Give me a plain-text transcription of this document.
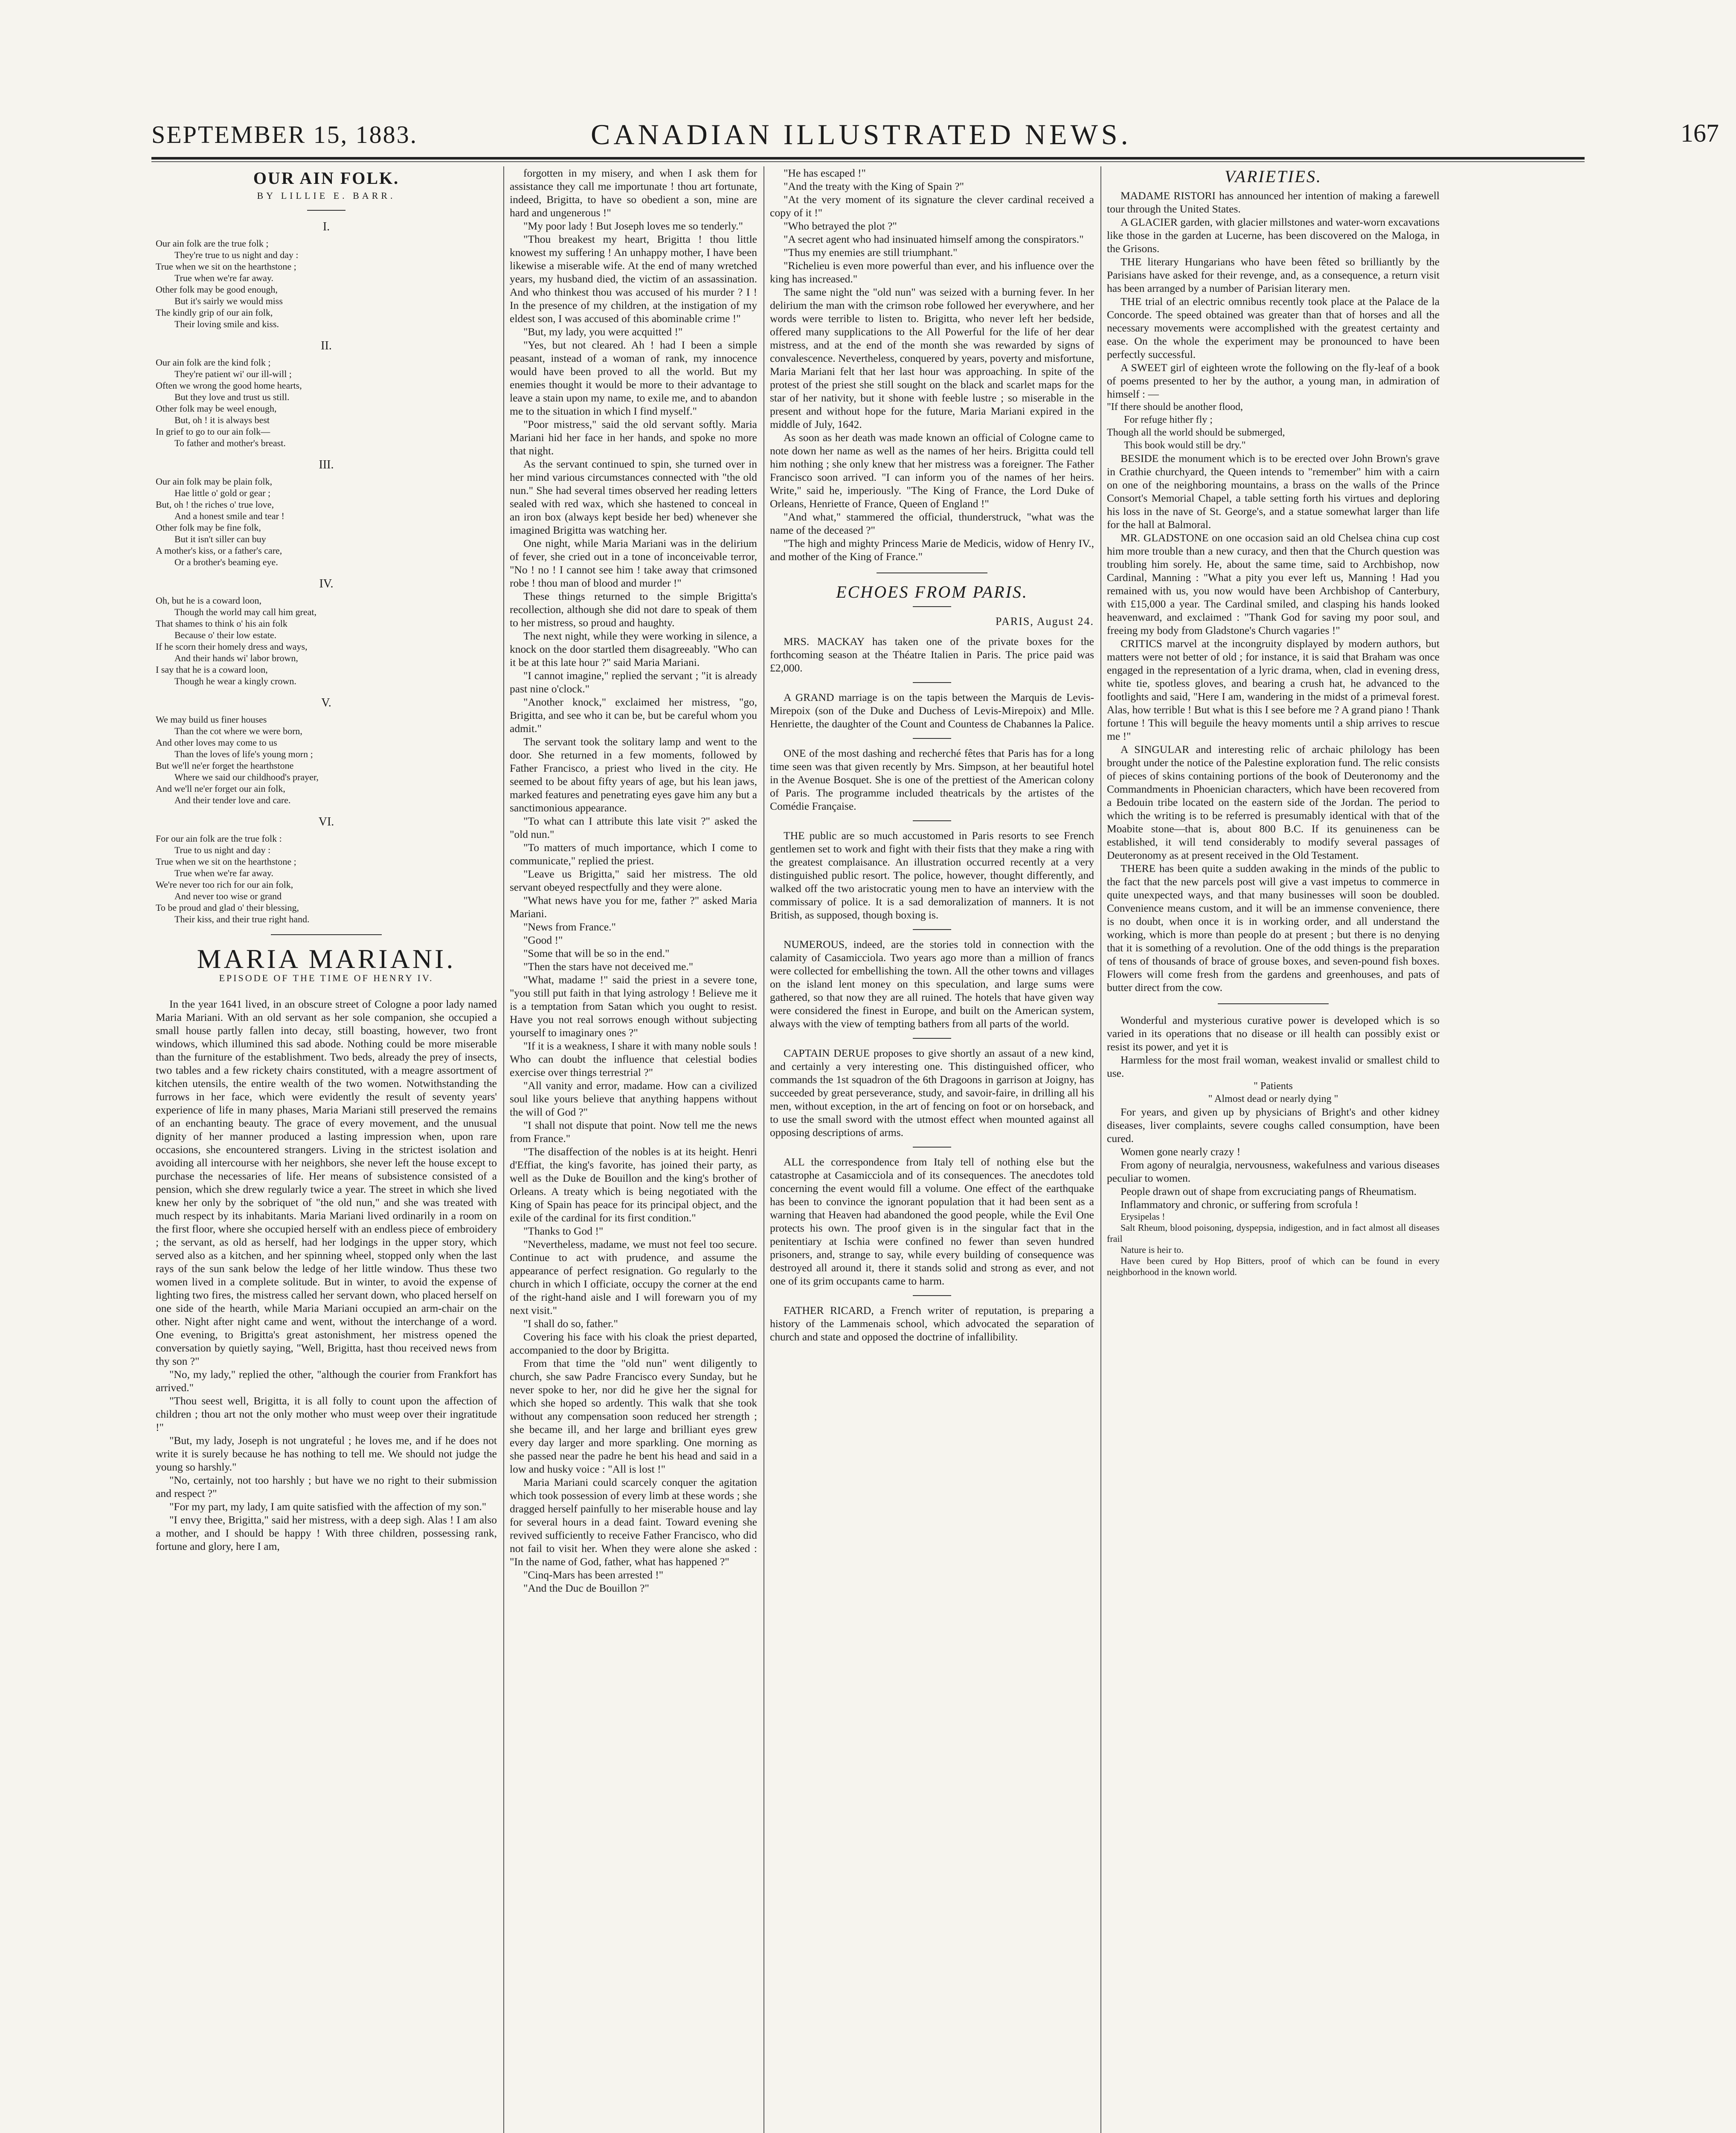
SEPTEMBER 15, 1883.	CANADIAN ILLUSTRATED NEWS.	167
OUR AIN FOLK.
BY LILLIE E. BARR.
I.
Our ain folk are the true folk ;
They're true to us night and day :
True when we sit on the hearthstone ;
True when we're far away.
Other folk may be good enough,
But it's sairly we would miss
The kindly grip of our ain folk,
Their loving smile and kiss.
II.
Our ain folk are the kind folk ;
They're patient wi' our ill-will ;
Often we wrong the good home hearts,
But they love and trust us still.
Other folk may be weel enough,
But, oh ! it is always best
In grief to go to our ain folk—
To father and mother's breast.
III.
Our ain folk may be plain folk,
Hae little o' gold or gear ;
But, oh ! the riches o' true love,
And a honest smile and tear !
Other folk may be fine folk,
But it isn't siller can buy
A mother's kiss, or a father's care,
Or a brother's beaming eye.
IV.
Oh, but he is a coward loon,
Though the world may call him great,
That shames to think o' his ain folk
Because o' their low estate.
If he scorn their homely dress and ways,
And their hands wi' labor brown,
I say that he is a coward loon,
Though he wear a kingly crown.
V.
We may build us finer houses
Than the cot where we were born,
And other loves may come to us
Than the loves of life's young morn ;
But we'll ne'er forget the hearthstone
Where we said our childhood's prayer,
And we'll ne'er forget our ain folk,
And their tender love and care.
VI.
For our ain folk are the true folk :
True to us night and day :
True when we sit on the hearthstone ;
True when we're far away.
We're never too rich for our ain folk,
And never too wise or grand
To be proud and glad o' their blessing,
Their kiss, and their true right hand.
MARIA MARIANI.
EPISODE OF THE TIME OF HENRY IV.

In the year 1641 lived, in an obscure street of Cologne a poor lady named Maria Mariani. With an old servant as her sole companion, she occupied a small house partly fallen into decay, still boasting, however, two front windows, which illumined this sad abode. Nothing could be more miserable than the furniture of the establishment. Two beds, already the prey of insects, two tables and a few rickety chairs constituted, with a meagre assortment of kitchen utensils, the entire wealth of the two women. Notwithstanding the furrows in her face, which were evidently the result of seventy years' experience of life in many phases, Maria Mariani still preserved the remains of an enchanting beauty. The grace of every movement, and the unusual dignity of her manner produced a lasting impression when, upon rare occasions, she encountered strangers. Living in the strictest isolation and avoiding all intercourse with her neighbors, she never left the house except to purchase the necessaries of life. Her means of subsistence consisted of a pension, which she drew regularly twice a year. The street in which she lived knew her only by the sobriquet of "the old nun," and she was treated with much respect by its inhabitants. Maria Mariani lived ordinarily in a room on the first floor, where she occupied herself with an endless piece of embroidery ; the servant, as old as herself, had her lodgings in the upper story, which served also as a kitchen, and her spinning wheel, stopped only when the last rays of the sun sank below the ledge of her little window. Thus these two women lived in a complete solitude. But in winter, to avoid the expense of lighting two fires, the mistress called her servant down, who placed herself on one side of the hearth, while Maria Mariani occupied an arm-chair on the other. Night after night came and went, without the interchange of a word. One evening, to Brigitta's great astonishment, her mistress opened the conversation by quietly saying, "Well, Brigitta, hast thou received news from thy son ?"

"No, my lady," replied the other, "although the courier from Frankfort has arrived."

"Thou seest well, Brigitta, it is all folly to count upon the affection of children ; thou art not the only mother who must weep over their ingratitude !"

"But, my lady, Joseph is not ungrateful ; he loves me, and if he does not write it is surely because he has nothing to tell me. We should not judge the young so harshly."

"No, certainly, not too harshly ; but have we no right to their submission and respect ?"

"For my part, my lady, I am quite satisfied with the affection of my son."

"I envy thee, Brigitta," said her mistress, with a deep sigh. Alas ! I am also a mother, and I should be happy ! With three children, possessing rank, fortune and glory, here I am,

forgotten in my misery, and when I ask them for assistance they call me importunate ! thou art fortunate, indeed, Brigitta, to have so obedient a son, mine are hard and ungenerous !"

"My poor lady ! But Joseph loves me so tenderly."

"Thou breakest my heart, Brigitta ! thou little knowest my suffering ! An unhappy mother, I have been likewise a miserable wife. At the end of many wretched years, my husband died, the victim of an assassination. And who thinkest thou was accused of his murder ? I ! In the presence of my children, at the instigation of my eldest son, I was accused of this abominable crime !"

"But, my lady, you were acquitted !"

"Yes, but not cleared. Ah ! had I been a simple peasant, instead of a woman of rank, my innocence would have been proved to all the world. But my enemies thought it would be more to their advantage to leave a stain upon my name, to exile me, and to abandon me to the situation in which I find myself."

"Poor mistress," said the old servant softly. Maria Mariani hid her face in her hands, and spoke no more that night.

As the servant continued to spin, she turned over in her mind various circumstances connected with "the old nun." She had several times observed her reading letters sealed with red wax, which she hastened to conceal in an iron box (always kept beside her bed) whenever she imagined Brigitta was watching her.

One night, while Maria Mariani was in the delirium of fever, she cried out in a tone of inconceivable terror, "No ! no ! I cannot see him ! take away that crimsoned robe ! thou man of blood and murder !"

These things returned to the simple Brigitta's recollection, although she did not dare to speak of them to her mistress, so proud and haughty.

The next night, while they were working in silence, a knock on the door startled them disagreeably. "Who can it be at this late hour ?" said Maria Mariani.

"I cannot imagine," replied the servant ; "it is already past nine o'clock."

"Another knock," exclaimed her mistress, "go, Brigitta, and see who it can be, but be careful whom you admit."

The servant took the solitary lamp and went to the door. She returned in a few moments, followed by Father Francisco, a priest who lived in the city. He seemed to be about fifty years of age, but his lean jaws, marked features and penetrating eyes gave him any but a sanctimonious appearance.

"To what can I attribute this late visit ?" asked the "old nun."

"To matters of much importance, which I come to communicate," replied the priest.

"Leave us Brigitta," said her mistress. The old servant obeyed respectfully and they were alone.

"What news have you for me, father ?" asked Maria Mariani.

"News from France."

"Good !"

"Some that will be so in the end."

"Then the stars have not deceived me."

"What, madame !" said the priest in a severe tone, "you still put faith in that lying astrology ! Believe me it is a temptation from Satan which you ought to resist. Have you not real sorrows enough without subjecting yourself to imaginary ones ?"

"If it is a weakness, I share it with many noble souls ! Who can doubt the influence that celestial bodies exercise over things terrestrial ?"

"All vanity and error, madame. How can a civilized soul like yours believe that anything happens without the will of God ?"

"I shall not dispute that point. Now tell me the news from France."

"The disaffection of the nobles is at its height. Henri d'Effiat, the king's favorite, has joined their party, as well as the Duke de Bouillon and the king's brother of Orleans. A treaty which is being negotiated with the King of Spain has peace for its principal object, and the exile of the cardinal for its first condition."

"Thanks to God !"

"Nevertheless, madame, we must not feel too secure. Continue to act with prudence, and assume the appearance of perfect resignation. Go regularly to the church in which I officiate, occupy the corner at the end of the right-hand aisle and I will forewarn you of my next visit."

"I shall do so, father."

Covering his face with his cloak the priest departed, accompanied to the door by Brigitta.

From that time the "old nun" went diligently to church, she saw Padre Francisco every Sunday, but he never spoke to her, nor did he give her the signal for which she hoped so ardently. This walk that she took without any compensation soon reduced her strength ; she became ill, and her large and brilliant eyes grew every day larger and more sparkling. One morning as she passed near the padre he bent his head and said in a low and husky voice : "All is lost !"

Maria Mariani could scarcely conquer the agitation which took possession of every limb at these words ; she dragged herself painfully to her miserable house and lay for several hours in a dead faint. Toward evening she revived sufficiently to receive Father Francisco, who did not fail to visit her. When they were alone she asked : "In the name of God, father, what has happened ?"

"Cinq-Mars has been arrested !"

"And the Duc de Bouillon ?"

"He has escaped !"

"And the treaty with the King of Spain ?"

"At the very moment of its signature the clever cardinal received a copy of it !"

"Who betrayed the plot ?"

"A secret agent who had insinuated himself among the conspirators."

"Thus my enemies are still triumphant."

"Richelieu is even more powerful than ever, and his influence over the king has increased."

The same night the "old nun" was seized with a burning fever. In her delirium the man with the crimson robe followed her everywhere, and her words were terrible to listen to. Brigitta, who never left her bedside, offered many supplications to the All Powerful for the life of her dear mistress, and at the end of the month she was rewarded by signs of convalescence. Nevertheless, conquered by years, poverty and misfortune, Maria Mariani felt that her last hour was approaching. In spite of the protest of the priest she still sought on the black and scarlet maps for the star of her nativity, but it shone with feeble lustre ; so miserable in the present and without hope for the future, Maria Mariani expired in the middle of July, 1642.

As soon as her death was made known an official of Cologne came to note down her name as well as the names of her heirs. Brigitta could tell him nothing ; she only knew that her mistress was a foreigner. The Father Francisco soon arrived. "I can inform you of the names of her heirs. Write," said he, imperiously. "The King of France, the Lord Duke of Orleans, Henriette of France, Queen of England !"

"And what," stammered the official, thunderstruck, "what was the name of the deceased ?"

"The high and mighty Princess Marie de Medicis, widow of Henry IV., and mother of the King of France."

ECHOES FROM PARIS.
PARIS, August 24.

MRS. MACKAY has taken one of the private boxes for the forthcoming season at the Théatre Italien in Paris. The price paid was £2,000.

A GRAND marriage is on the tapis between the Marquis de Levis-Mirepoix (son of the Duke and Duchess of Levis-Mirepoix) and Mlle. Henriette, the daughter of the Count and Countess de Chabannes la Palice.

ONE of the most dashing and recherché fêtes that Paris has for a long time seen was that given recently by Mrs. Simpson, at her beautiful hotel in the Avenue Bosquet. She is one of the prettiest of the American colony of Paris. The programme included theatricals by the artistes of the Comédie Française.

THE public are so much accustomed in Paris resorts to see French gentlemen set to work and fight with their fists that they make a ring with the greatest complaisance. An illustration occurred recently at a very distinguished public resort. The police, however, thought differently, and walked off the two aristocratic young men to have an interview with the commissary of police. It is a sad demoralization of manners. It is not British, as supposed, though boxing is.

NUMEROUS, indeed, are the stories told in connection with the calamity of Casamicciola. Two years ago more than a million of francs were collected for embellishing the town. All the other towns and villages on the island lent money on this speculation, and large sums were gathered, so that now they are all ruined. The hotels that have given way were considered the finest in Europe, and built on the American system, always with the view of tempting bathers from all parts of the world.

CAPTAIN DERUE proposes to give shortly an assaut of a new kind, and certainly a very interesting one. This distinguished officer, who commands the 1st squadron of the 6th Dragoons in garrison at Joigny, has succeeded by great perseverance, study, and savoir-faire, in drilling all his men, without exception, in the art of fencing on foot or on horseback, and to use the small sword with the utmost effect when mounted against all opposing descriptions of arms.

ALL the correspondence from Italy tell of nothing else but the catastrophe at Casamicciola and of its consequences. The anecdotes told concerning the event would fill a volume. One effect of the earthquake has been to convince the ignorant population that it had been sent as a warning that Heaven had abandoned the good people, while the Evil One protects his own. The proof given is in the singular fact that in the penitentiary at Ischia were confined no fewer than seven hundred prisoners, and, strange to say, while every building of consequence was destroyed all around it, there it stands solid and strong as ever, and not one of its grim occupants came to harm.

FATHER RICARD, a French writer of reputation, is preparing a history of the Lammenais school, which advocated the separation of church and state and opposed the doctrine of infallibility.

VARIETIES.

MADAME RISTORI has announced her intention of making a farewell tour through the United States.

A GLACIER garden, with glacier millstones and water-worn excavations like those in the garden at Lucerne, has been discovered on the Maloga, in the Grisons.

THE literary Hungarians who have been fêted so brilliantly by the Parisians have asked for their revenge, and, as a consequence, a return visit has been arranged by a number of Parisian literary men.

THE trial of an electric omnibus recently took place at the Palace de la Concorde. The speed obtained was greater than that of horses and all the necessary movements were accomplished with the greatest certainty and ease. On the whole the experiment may be pronounced to have been perfectly successful.

A SWEET girl of eighteen wrote the following on the fly-leaf of a book of poems presented to her by the author, a young man, in admiration of himself : —

"If there should be another flood,
For refuge hither fly ;
Though all the world should be submerged,
This book would still be dry."

BESIDE the monument which is to be erected over John Brown's grave in Crathie churchyard, the Queen intends to "remember" him with a cairn on one of the neighboring mountains, a brass on the walls of the Prince Consort's Memorial Chapel, a table setting forth his virtues and deploring his loss in the nave of St. George's, and a statue somewhat larger than life for the hall at Balmoral.

MR. GLADSTONE on one occasion said an old Chelsea china cup cost him more trouble than a new curacy, and then that the Church question was troubling him sorely. He, about the same time, said to Archbishop, now Cardinal, Manning : "What a pity you ever left us, Manning ! Had you remained with us, you now would have been Archbishop of Canterbury, with £15,000 a year. The Cardinal smiled, and clasping his hands looked heavenward, and exclaimed : "Thank God for saving my poor soul, and freeing my body from Gladstone's Church vagaries !"

CRITICS marvel at the incongruity displayed by modern authors, but matters were not better of old ; for instance, it is said that Braham was once engaged in the representation of a lyric drama, when, clad in evening dress, white tie, spotless gloves, and bearing a crush hat, he advanced to the footlights and said, "Here I am, wandering in the midst of a primeval forest. Alas, how terrible ! But what is this I see before me ? A grand piano ! Thank fortune ! This will beguile the heavy moments until a ship arrives to rescue me !"

A SINGULAR and interesting relic of archaic philology has been brought under the notice of the Palestine exploration fund. The relic consists of pieces of skins containing portions of the book of Deuteronomy and the Commandments in Phoenician characters, which have been recovered from a Bedouin tribe located on the eastern side of the Jordan. The period to which the writing is to be referred is presumably identical with that of the Moabite stone—that is, about 800 B.C. If its genuineness can be established, it will tend considerably to modify several passages of Deuteronomy as at present received in the Old Testament.

THERE has been quite a sudden awaking in the minds of the public to the fact that the new parcels post will give a vast impetus to commerce in quite unexpected ways, and that many businesses will soon be doubled. Convenience means custom, and it will be an immense convenience, there is no doubt, when once it is in working order, and all understand the working, which is more than people do at present ; but there is no denying that it is something of a revolution. One of the odd things is the preparation of tens of thousands of brace of grouse boxes, and seven-pound fish boxes. Flowers will come fresh from the gardens and greenhouses, and pats of butter direct from the cow.

Wonderful and mysterious curative power is developed which is so varied in its operations that no disease or ill health can possibly exist or resist its power, and yet it is

Harmless for the most frail woman, weakest invalid or smallest child to use.

" Patients
" Almost dead or nearly dying "

For years, and given up by physicians of Bright's and other kidney diseases, liver complaints, severe coughs called consumption, have been cured.

Women gone nearly crazy !

From agony of neuralgia, nervousness, wakefulness and various diseases peculiar to women.

People drawn out of shape from excruciating pangs of Rheumatism.

Inflammatory and chronic, or suffering from scrofula !

Erysipelas !

Salt Rheum, blood poisoning, dyspepsia, indigestion, and in fact almost all diseases frail

Nature is heir to.

Have been cured by Hop Bitters, proof of which can be found in every neighborhood in the known world.
